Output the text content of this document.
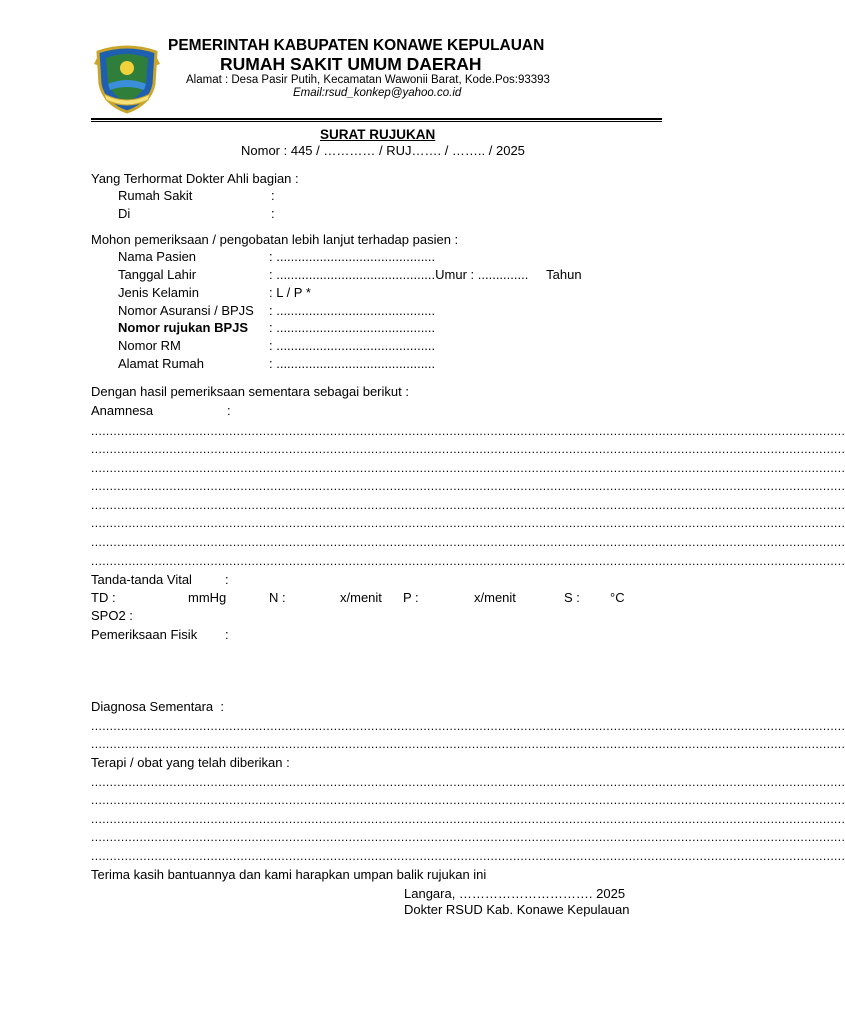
PEMERINTAH KABUPATEN KONAWE KEPULAUAN
RUMAH SAKIT UMUM DAERAH
Alamat : Desa Pasir Putih, Kecamatan Wawonii Barat, Kode.Pos:93393
Email:rsud_konkep@yahoo.co.id
SURAT RUJUKAN
Nomor : 445 / ………… / RUJ……. / …….. / 2025
Yang Terhormat Dokter Ahli bagian :
Rumah Sakit	:
Di	:
Mohon pemeriksaan / pengobatan lebih lanjut terhadap pasien :
Nama Pasien	: ............................................
Tanggal Lahir	: ............................................Umur : ..............     Tahun
Jenis Kelamin	: L / P *
Nomor Asuransi / BPJS : ............................................
Nomor rujukan BPJS : ............................................
Nomor RM	: ............................................
Alamat Rumah	: ............................................
Dengan hasil pemeriksaan sementara sebagai berikut :
Anamnesa	:
..........................................................................................................................................................................................................
..........................................................................................................................................................................................................
..........................................................................................................................................................................................................
..........................................................................................................................................................................................................
..........................................................................................................................................................................................................
..........................................................................................................................................................................................................
..........................................................................................................................................................................................................
..........................................................................................................................................................................................................
Tanda-tanda Vital	:
TD :	mmHg	N :	x/menit P :	x/menit	S : °C
SPO2 :
Pemeriksaan Fisik :
Diagnosa Sementara  :
..........................................................................................................................................................................................................
..........................................................................................................................................................................................................
Terapi / obat yang telah diberikan :
..........................................................................................................................................................................................................
..........................................................................................................................................................................................................
..........................................................................................................................................................................................................
..........................................................................................................................................................................................................
..........................................................................................................................................................................................................
Terima kasih bantuannya dan kami harapkan umpan balik rujukan ini
Langara, …………………………. 2025
Dokter RSUD Kab. Konawe Kepulauan
